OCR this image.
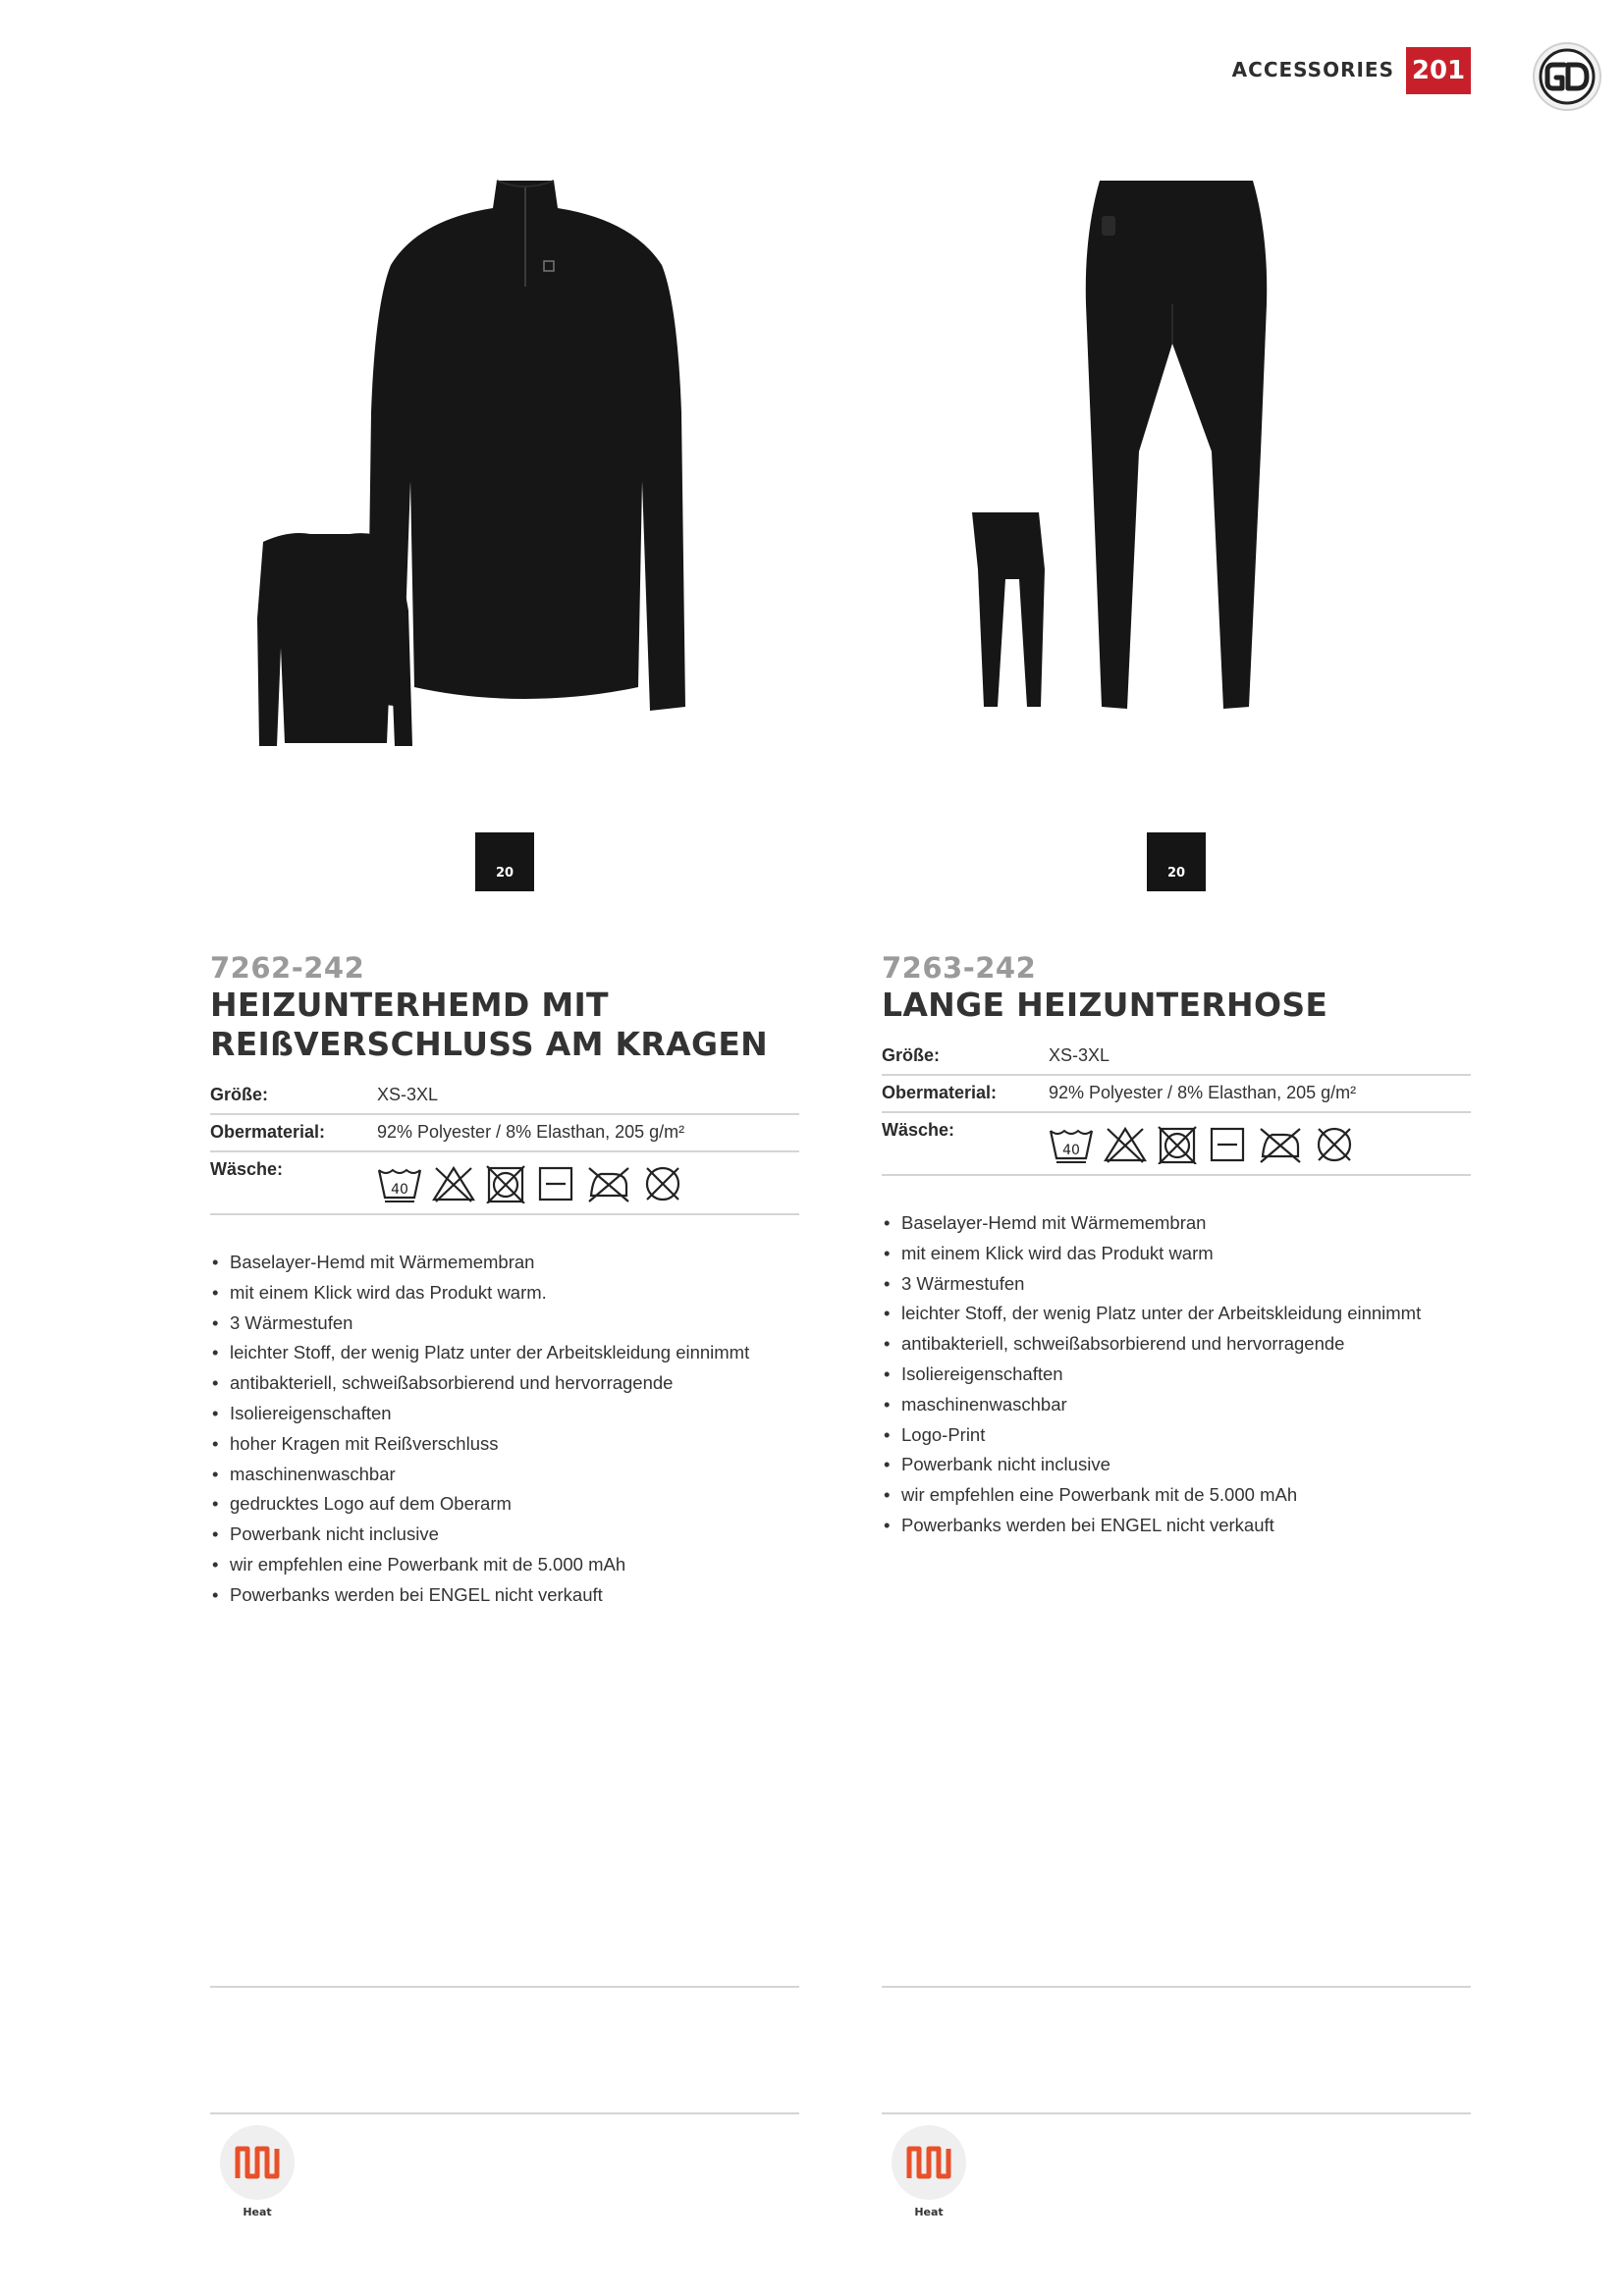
ACCESSORIES 201
20
7262-242
HEIZUNTERHEMD MIT
REIßVERSCHLUSS AM KRAGEN
Größe:	XS-3XL
Obermaterial:	92% Polyester / 8% Elasthan, 205 g/m²
Wäsche:
40
• Baselayer-Hemd mit Wärmemembran
• mit einem Klick wird das Produkt warm.
• 3 Wärmestufen
• leichter Stoff, der wenig Platz unter der Arbeitskleidung einnimmt
• antibakteriell, schweißabsorbierend und hervorragende
• Isoliereigenschaften
• hoher Kragen mit Reißverschluss
• maschinenwaschbar
• gedrucktes Logo auf dem Oberarm
• Powerbank nicht inclusive
• wir empfehlen eine Powerbank mit de 5.000 mAh
• Powerbanks werden bei ENGEL nicht verkauft
Heat
20
7263-242
LANGE HEIZUNTERHOSE
Größe:	XS-3XL
Obermaterial:	92% Polyester / 8% Elasthan, 205 g/m²
Wäsche:
40
• Baselayer-Hemd mit Wärmemembran
• mit einem Klick wird das Produkt warm
• 3 Wärmestufen
• leichter Stoff, der wenig Platz unter der Arbeitskleidung einnimmt
• antibakteriell, schweißabsorbierend und hervorragende
• Isoliereigenschaften
• maschinenwaschbar
• Logo-Print
• Powerbank nicht inclusive
• wir empfehlen eine Powerbank mit de 5.000 mAh
• Powerbanks werden bei ENGEL nicht verkauft
Heat
